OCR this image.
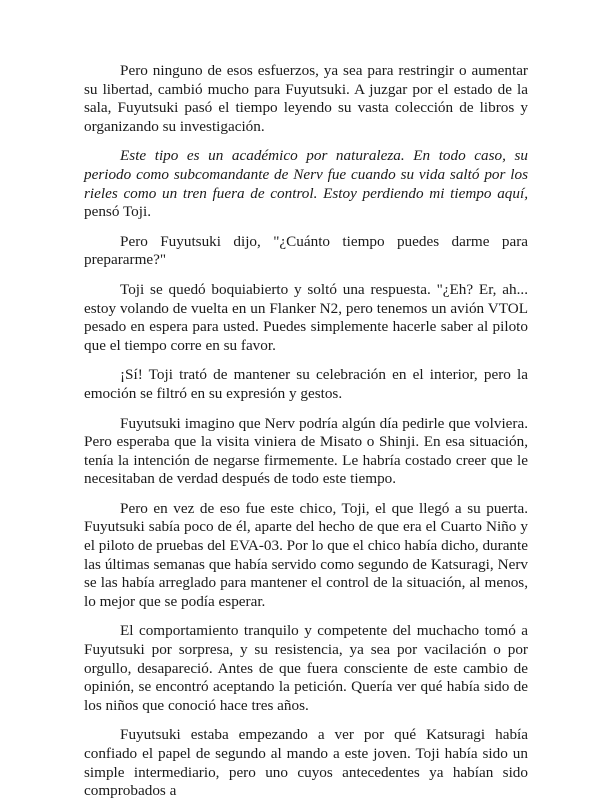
Pero ninguno de esos esfuerzos, ya sea para restringir o aumentar su libertad, cambió mucho para Fuyutsuki. A juzgar por el estado de la sala, Fuyutsuki pasó el tiempo leyendo su vasta colección de libros y organizando su investigación.

Este tipo es un académico por naturaleza. En todo caso, su periodo como subcomandante de Nerv fue cuando su vida saltó por los rieles como un tren fuera de control. Estoy perdiendo mi tiempo aquí, pensó Toji.

Pero Fuyutsuki dijo, "¿Cuánto tiempo puedes darme para prepararme?"

Toji se quedó boquiabierto y soltó una respuesta. "¿Eh? Er, ah... estoy volando de vuelta en un Flanker N2, pero tenemos un avión VTOL pesado en espera para usted. Puedes simplemente hacerle saber al piloto que el tiempo corre en su favor.

¡Sí! Toji trató de mantener su celebración en el interior, pero la emoción se filtró en su expresión y gestos.

Fuyutsuki imagino que Nerv podría algún día pedirle que volviera. Pero esperaba que la visita viniera de Misato o Shinji. En esa situación, tenía la intención de negarse firmemente. Le habría costado creer que le necesitaban de verdad después de todo este tiempo.

Pero en vez de eso fue este chico, Toji, el que llegó a su puerta. Fuyutsuki sabía poco de él, aparte del hecho de que era el Cuarto Niño y el piloto de pruebas del EVA-03. Por lo que el chico había dicho, durante las últimas semanas que había servido como segundo de Katsuragi, Nerv se las había arreglado para mantener el control de la situación, al menos, lo mejor que se podía esperar.

El comportamiento tranquilo y competente del muchacho tomó a Fuyutsuki por sorpresa, y su resistencia, ya sea por vacilación o por orgullo, desapareció. Antes de que fuera consciente de este cambio de opinión, se encontró aceptando la petición. Quería ver qué había sido de los niños que conoció hace tres años.

Fuyutsuki estaba empezando a ver por qué Katsuragi había confiado el papel de segundo al mando a este joven. Toji había sido un simple intermediario, pero uno cuyos antecedentes ya habían sido comprobados a
